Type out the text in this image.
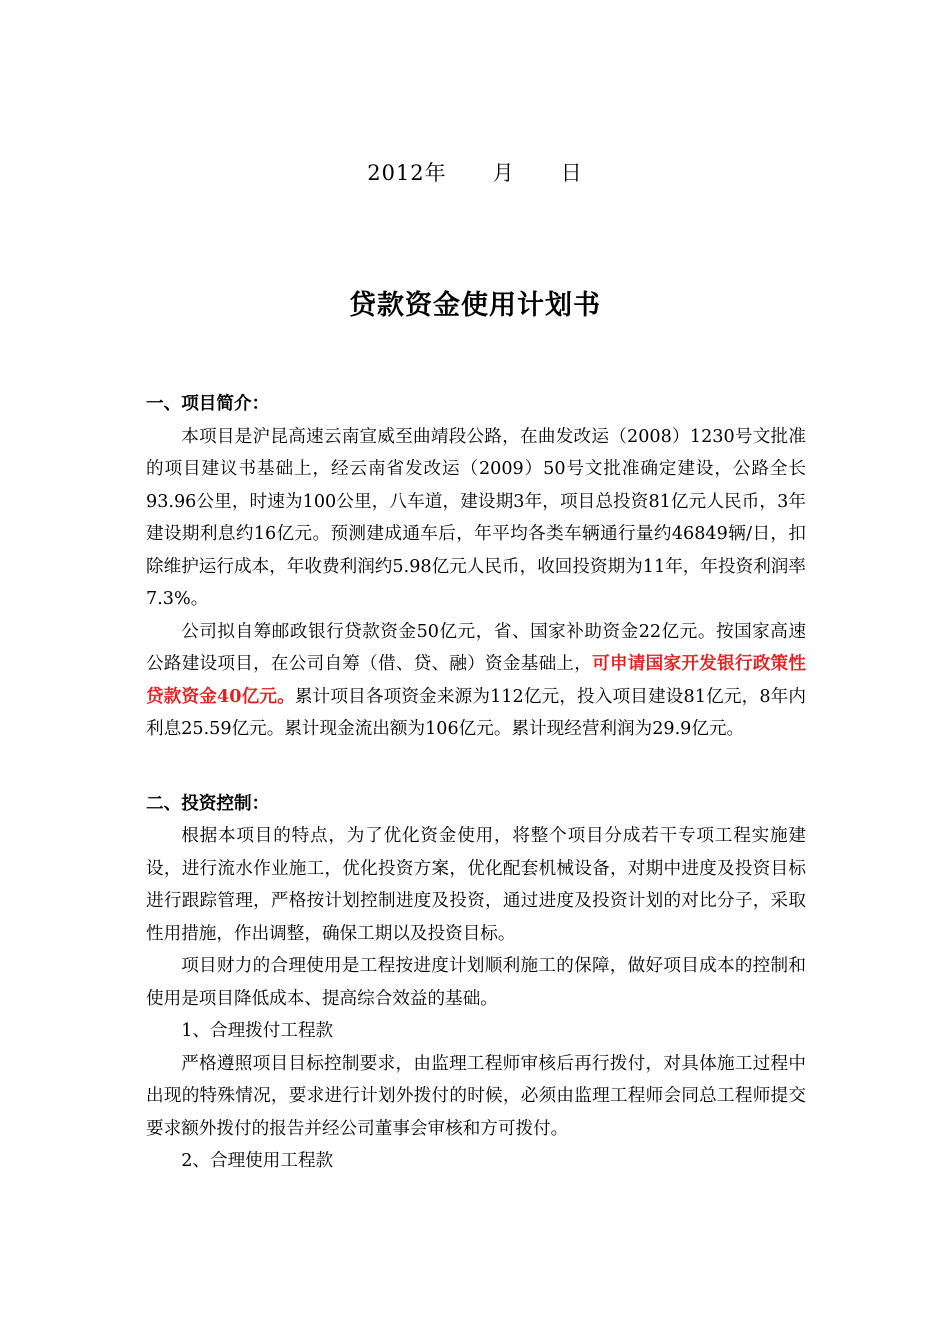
2012年      月      日
贷款资金使用计划书

一、项目简介：

本项目是沪昆高速云南宣威至曲靖段公路，在曲发改运（2008）1230号文批准的项目建议书基础上，经云南省发改运（2009）50号文批准确定建设，公路全长93.96公里，时速为100公里，八车道，建设期3年，项目总投资81亿元人民币，3年建设期利息约16亿元。预测建成通车后，年平均各类车辆通行量约46849辆/日，扣除维护运行成本，年收费利润约5.98亿元人民币，收回投资期为11年，年投资利润率7.3%。

公司拟自筹邮政银行贷款资金50亿元，省、国家补助资金22亿元。按国家高速公路建设项目，在公司自筹（借、贷、融）资金基础上，可申请国家开发银行政策性贷款资金40亿元。累计项目各项资金来源为112亿元，投入项目建设81亿元，8年内利息25.59亿元。累计现金流出额为106亿元。累计现经营利润为29.9亿元。

二、投资控制：

根据本项目的特点，为了优化资金使用，将整个项目分成若干专项工程实施建设，进行流水作业施工，优化投资方案，优化配套机械设备，对期中进度及投资目标进行跟踪管理，严格按计划控制进度及投资，通过进度及投资计划的对比分子，采取性用措施，作出调整，确保工期以及投资目标。

项目财力的合理使用是工程按进度计划顺利施工的保障，做好项目成本的控制和使用是项目降低成本、提高综合效益的基础。

1、合理拨付工程款

严格遵照项目目标控制要求，由监理工程师审核后再行拨付，对具体施工过程中出现的特殊情况，要求进行计划外拨付的时候，必须由监理工程师会同总工程师提交要求额外拨付的报告并经公司董事会审核和方可拨付。

2、合理使用工程款
